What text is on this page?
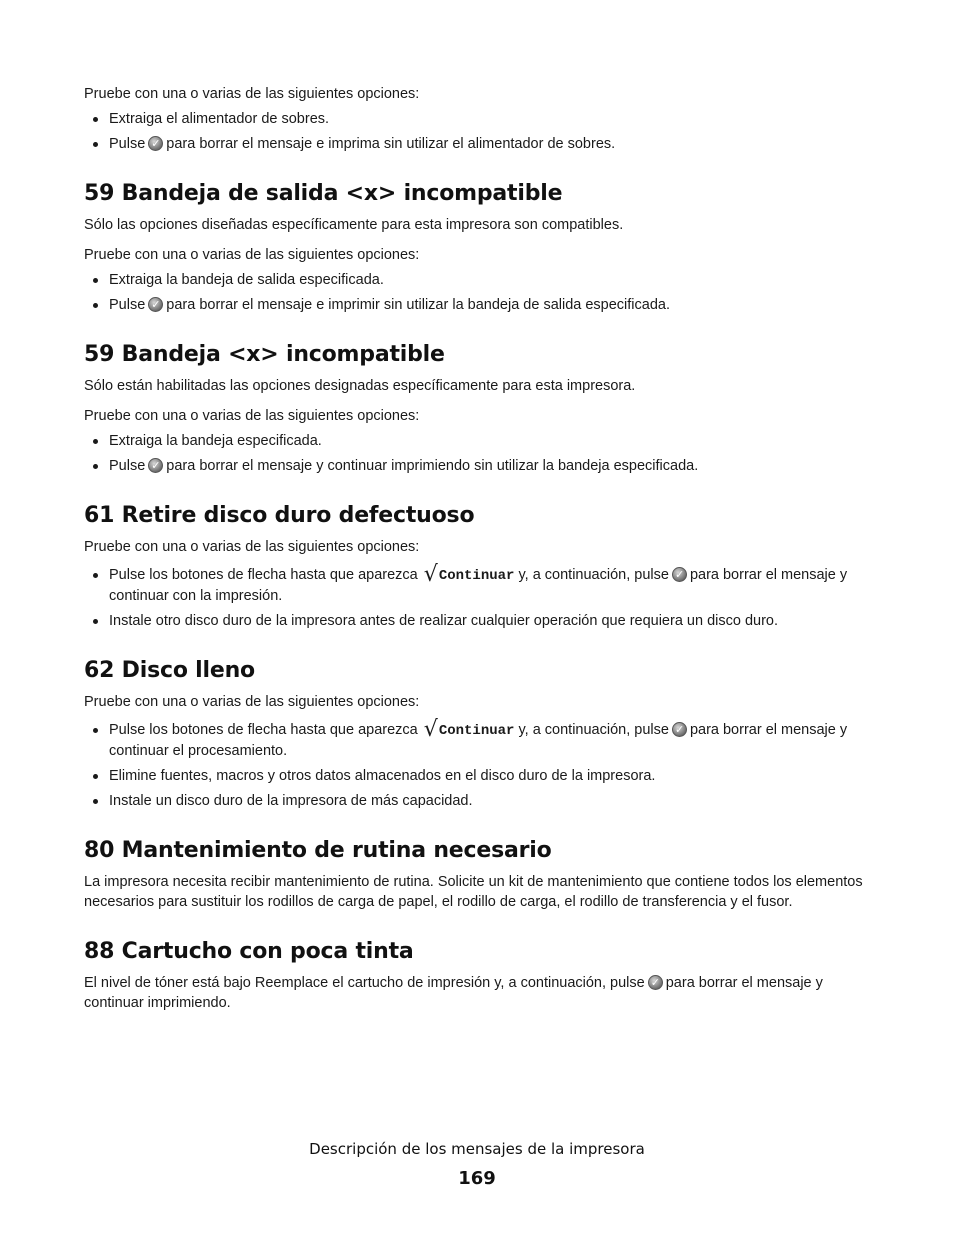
Pruebe con una o varias de las siguientes opciones:

Extraiga el alimentador de sobres.
Pulse ✓ para borrar el mensaje e imprima sin utilizar el alimentador de sobres.
59 Bandeja de salida <x> incompatible

Sólo las opciones diseñadas específicamente para esta impresora son compatibles.

Pruebe con una o varias de las siguientes opciones:

Extraiga la bandeja de salida especificada.
Pulse ✓ para borrar el mensaje e imprimir sin utilizar la bandeja de salida especificada.
59 Bandeja <x> incompatible

Sólo están habilitadas las opciones designadas específicamente para esta impresora.

Pruebe con una o varias de las siguientes opciones:

Extraiga la bandeja especificada.
Pulse ✓ para borrar el mensaje y continuar imprimiendo sin utilizar la bandeja especificada.
61 Retire disco duro defectuoso

Pruebe con una o varias de las siguientes opciones:

Pulse los botones de flecha hasta que aparezca √Continuar y, a continuación, pulse ✓ para borrar el mensaje y continuar con la impresión.
Instale otro disco duro de la impresora antes de realizar cualquier operación que requiera un disco duro.
62 Disco lleno

Pruebe con una o varias de las siguientes opciones:

Pulse los botones de flecha hasta que aparezca √Continuar y, a continuación, pulse ✓ para borrar el mensaje y continuar el procesamiento.
Elimine fuentes, macros y otros datos almacenados en el disco duro de la impresora.
Instale un disco duro de la impresora de más capacidad.
80 Mantenimiento de rutina necesario

La impresora necesita recibir mantenimiento de rutina. Solicite un kit de mantenimiento que contiene todos los elementos necesarios para sustituir los rodillos de carga de papel, el rodillo de carga, el rodillo de transferencia y el fusor.

88 Cartucho con poca tinta

El nivel de tóner está bajo Reemplace el cartucho de impresión y, a continuación, pulse ✓ para borrar el mensaje y continuar imprimiendo.

Descripción de los mensajes de la impresora
169
